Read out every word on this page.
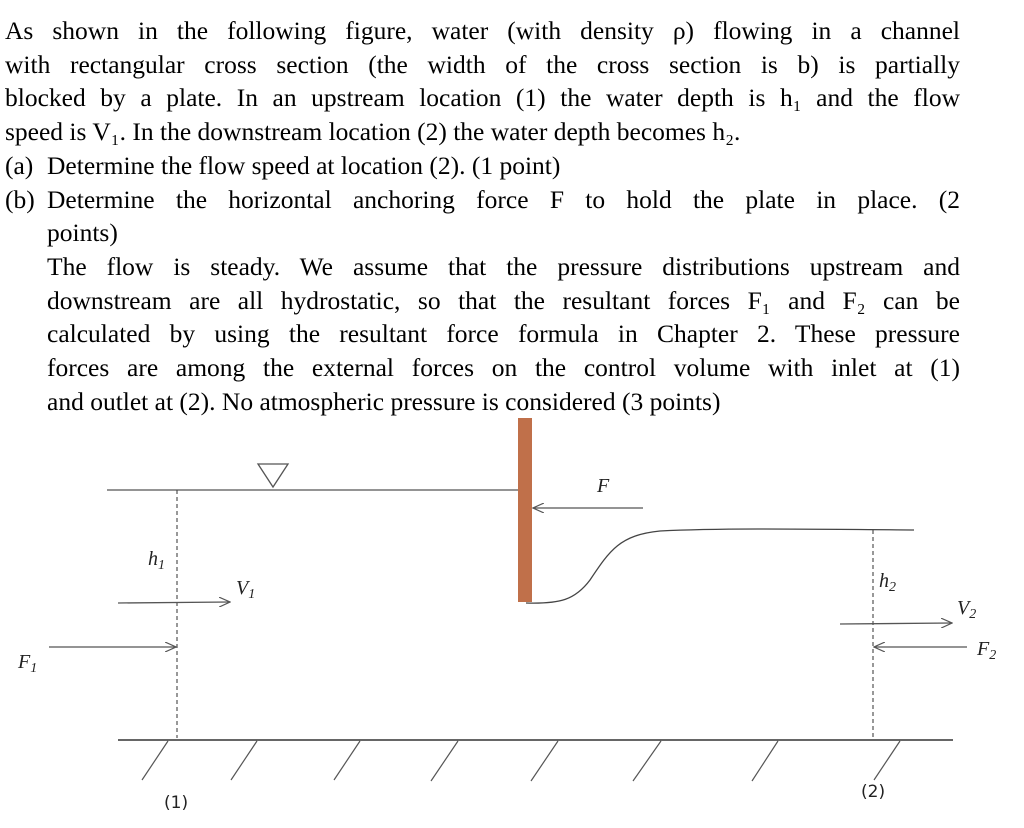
As shown in the following figure, water (with density ρ) flowing in a channel
with rectangular cross section (the width of the cross section is b) is partially
blocked by a plate. In an upstream location (1) the water depth is h₁ and the flow
speed is V₁. In the downstream location (2) the water depth becomes h₂.
(a) Determine the flow speed at location (2). (1 point)
(b) Determine the horizontal anchoring force F to hold the plate in place. (2
points)
The flow is steady. We assume that the pressure distributions upstream and
downstream are all hydrostatic, so that the resultant forces F₁ and F₂ can be
calculated by using the resultant force formula in Chapter 2. These pressure
forces are among the external forces on the control volume with inlet at (1)
and outlet at (2). No atmospheric pressure is considered (3 points)
$h_1$
$V_1$
$F_1$
F
$h_2$
$V_2$
$F_2$
(1)
(2)
